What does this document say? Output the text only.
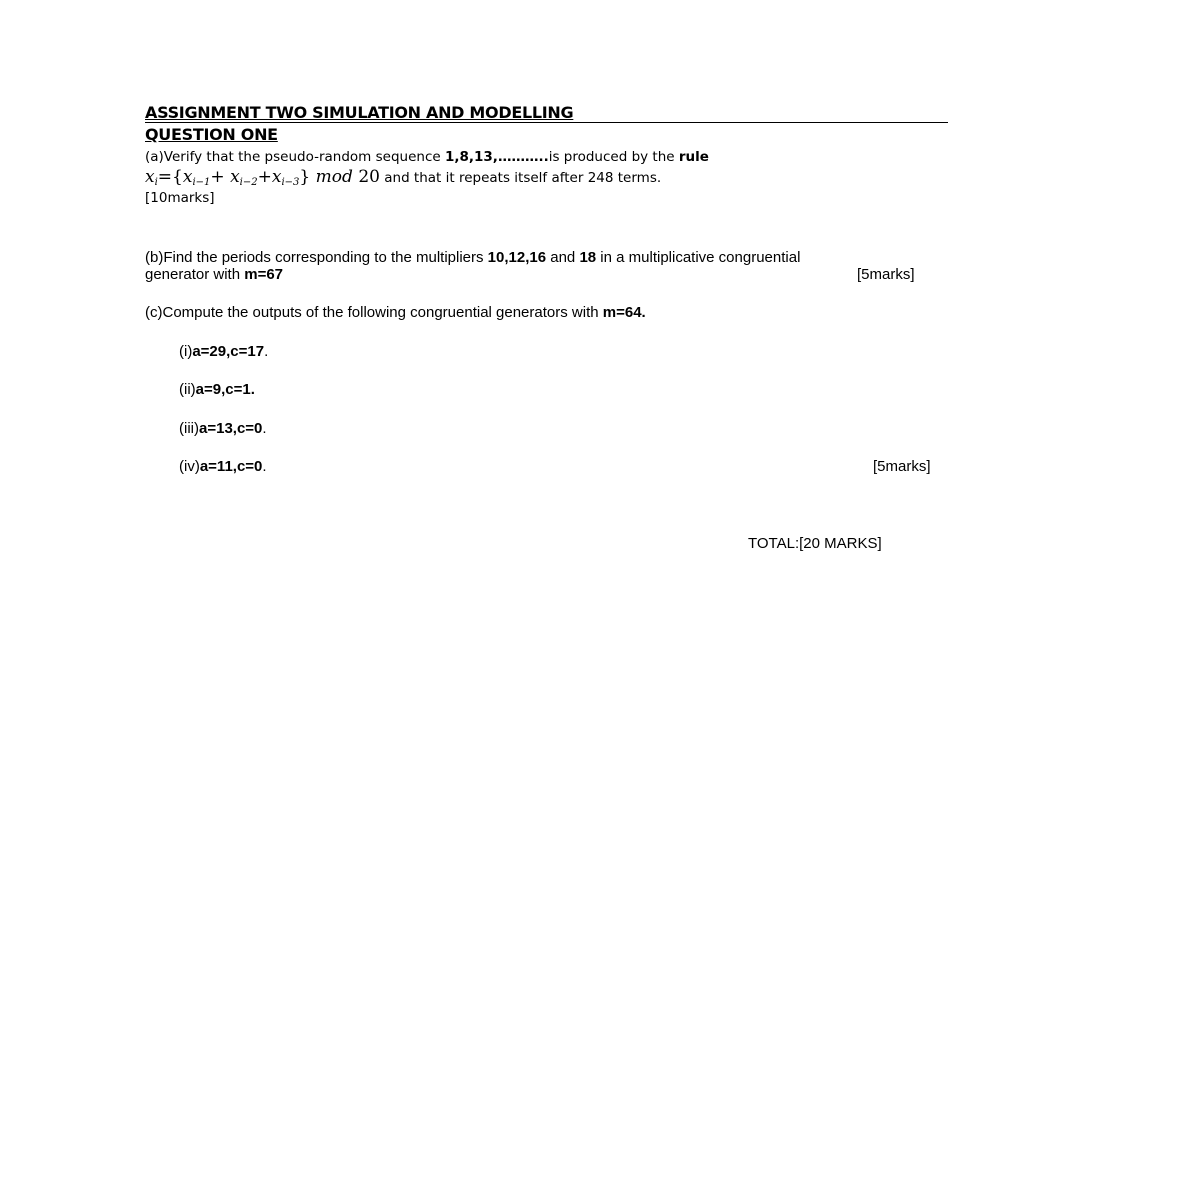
ASSIGNMENT TWO SIMULATION AND MODELLING
QUESTION ONE
(a)Verify that the pseudo-random sequence 1,8,13,………..is produced by the rule
$x_i=\{x_{i-1}+ x_{i-2}+x_{i-3}\}$ mod 20 and that it repeats itself after 248 terms.
[10marks]
(b)Find the periods corresponding to the multipliers 10,12,16 and 18 in a multiplicative congruential
generator with m=67	[5marks]
(c)Compute the outputs of the following congruential generators with m=64.
(i)a=29,c=17.
(ii)a=9,c=1.
(iii)a=13,c=0.
(iv)a=11,c=0.	[5marks]
TOTAL:[20 MARKS]
